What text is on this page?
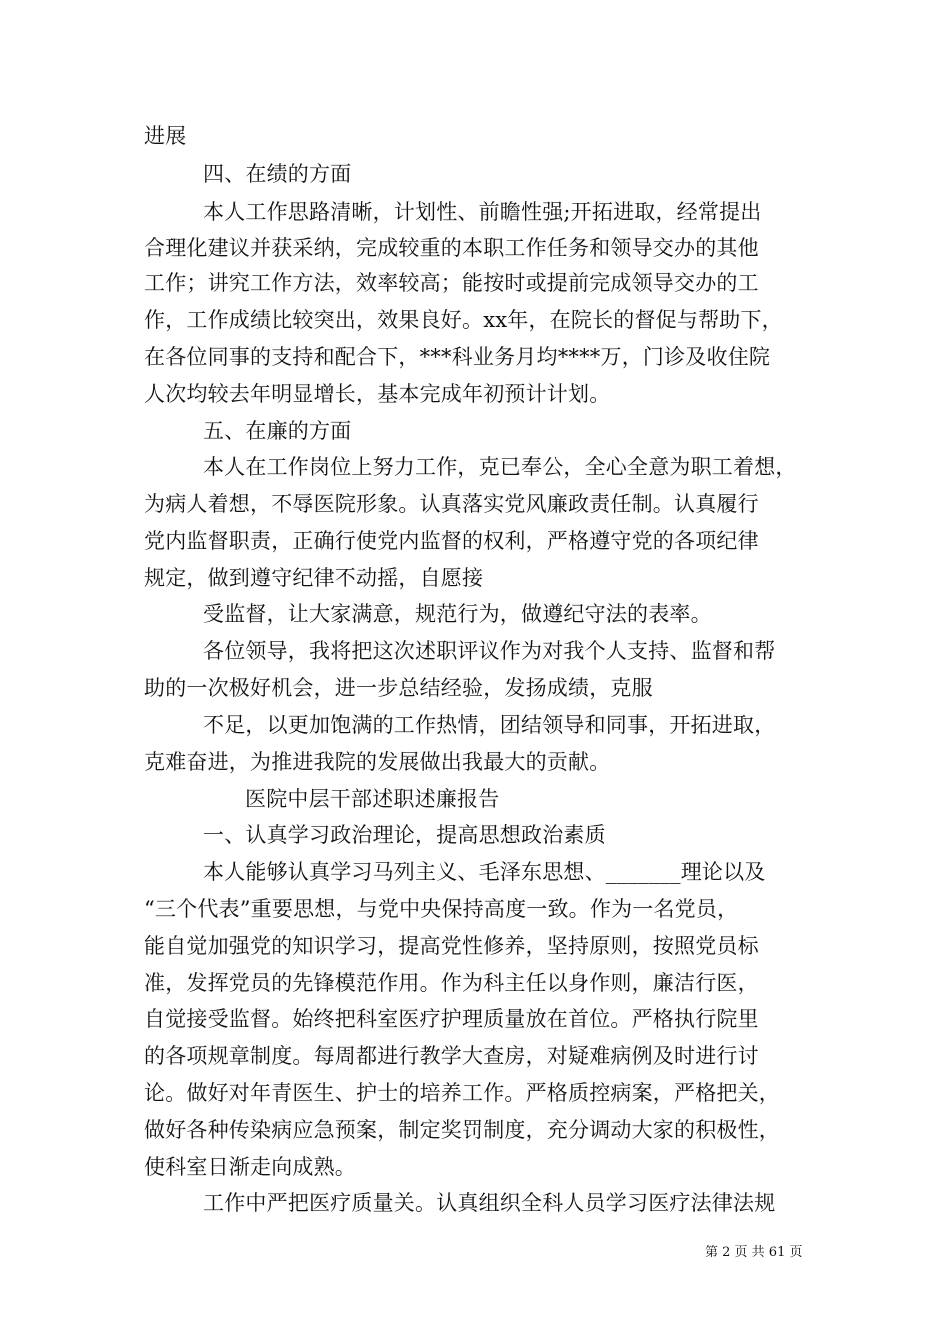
进展
四、在绩的方面
本人工作思路清晰，计划性、前瞻性强;开拓进取，经常提出
合理化建议并获采纳，完成较重的本职工作任务和领导交办的其他
工作；讲究工作方法，效率较高；能按时或提前完成领导交办的工
作，工作成绩比较突出，效果良好。xx年，在院长的督促与帮助下，
在各位同事的支持和配合下，***科业务月均****万，门诊及收住院
人次均较去年明显增长，基本完成年初预计计划。
五、在廉的方面
本人在工作岗位上努力工作，克已奉公，全心全意为职工着想，
为病人着想，不辱医院形象。认真落实党风廉政责任制。认真履行
党内监督职责，正确行使党内监督的权利，严格遵守党的各项纪律
规定，做到遵守纪律不动摇，自愿接
受监督，让大家满意，规范行为，做遵纪守法的表率。
各位领导，我将把这次述职评议作为对我个人支持、监督和帮
助的一次极好机会，进一步总结经验，发扬成绩，克服
不足，以更加饱满的工作热情，团结领导和同事，开拓进取，
克难奋进，为推进我院的发展做出我最大的贡献。
医院中层干部述职述廉报告
一、认真学习政治理论，提高思想政治素质
本人能够认真学习马列主义、毛泽东思想、_______理论以及
“三个代表”重要思想，与党中央保持高度一致。作为一名党员，
能自觉加强党的知识学习，提高党性修养，坚持原则，按照党员标
准，发挥党员的先锋模范作用。作为科主任以身作则，廉洁行医，
自觉接受监督。始终把科室医疗护理质量放在首位。严格执行院里
的各项规章制度。每周都进行教学大查房，对疑难病例及时进行讨
论。做好对年青医生、护士的培养工作。严格质控病案，严格把关，
做好各种传染病应急预案，制定奖罚制度，充分调动大家的积极性，
使科室日渐走向成熟。
工作中严把医疗质量关。认真组织全科人员学习医疗法律法规
第 2 页 共 61 页
